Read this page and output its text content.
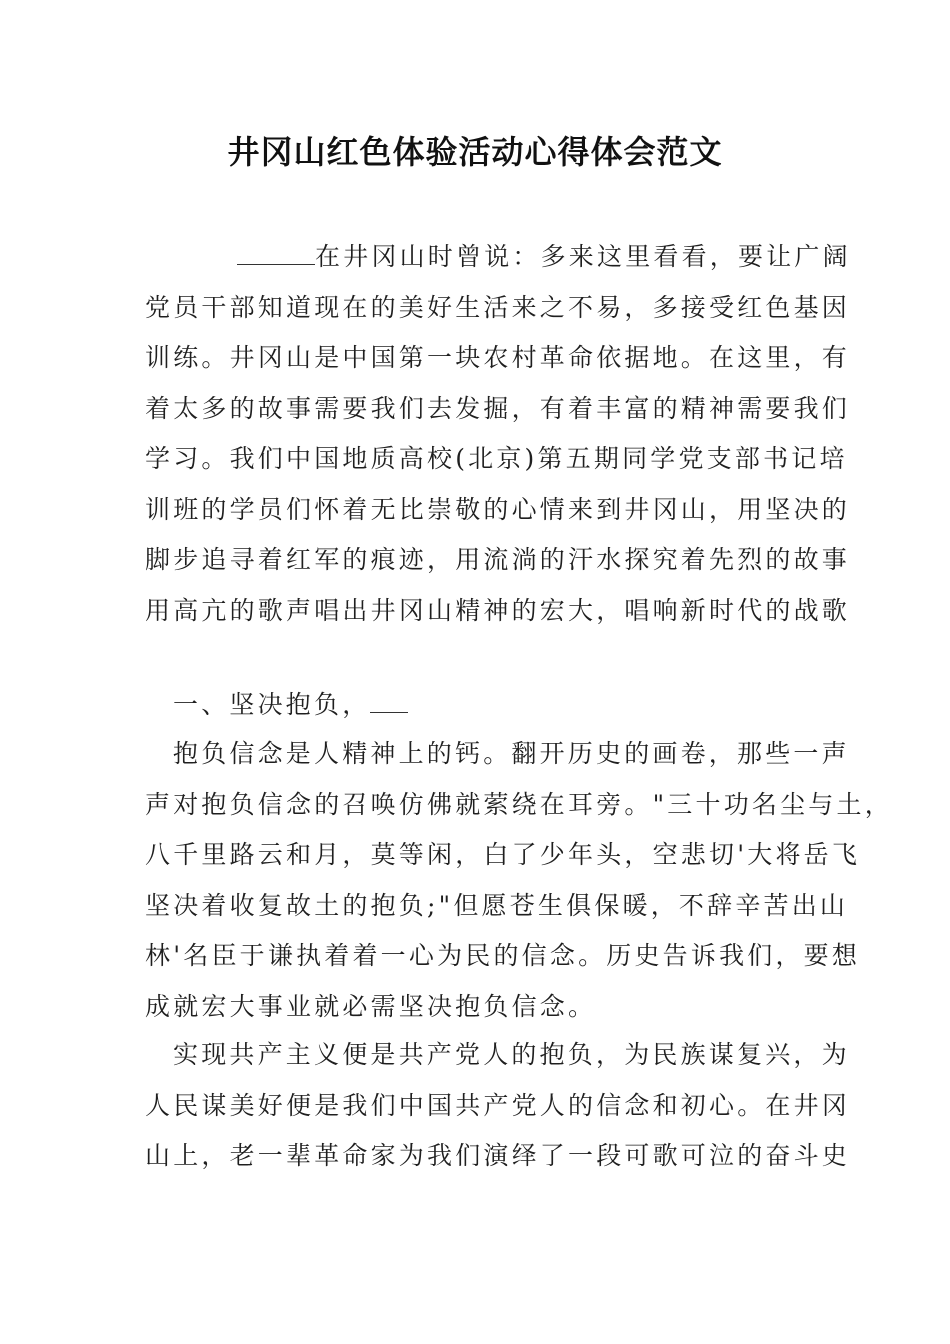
井冈山红色体验活动心得体会范文
在井冈山时曾说：多来这里看看，要让广阔
党员干部知道现在的美好生活来之不易，多接受红色基因
训练。井冈山是中国第一块农村革命依据地。在这里，有
着太多的故事需要我们去发掘，有着丰富的精神需要我们
学习。我们中国地质高校(北京)第五期同学党支部书记培
训班的学员们怀着无比崇敬的心情来到井冈山，用坚决的
脚步追寻着红军的痕迹，用流淌的汗水探究着先烈的故事
用高亢的歌声唱出井冈山精神的宏大，唱响新时代的战歌
一、坚决抱负，
抱负信念是人精神上的钙。翻开历史的画卷，那些一声
声对抱负信念的召唤仿佛就萦绕在耳旁。"三十功名尘与土，
八千里路云和月，莫等闲，白了少年头，空悲切'大将岳飞
坚决着收复故土的抱负;"但愿苍生俱保暖，不辞辛苦出山
林'名臣于谦执着着一心为民的信念。历史告诉我们，要想
成就宏大事业就必需坚决抱负信念。
实现共产主义便是共产党人的抱负，为民族谋复兴，为
人民谋美好便是我们中国共产党人的信念和初心。在井冈
山上，老一辈革命家为我们演绎了一段可歌可泣的奋斗史
